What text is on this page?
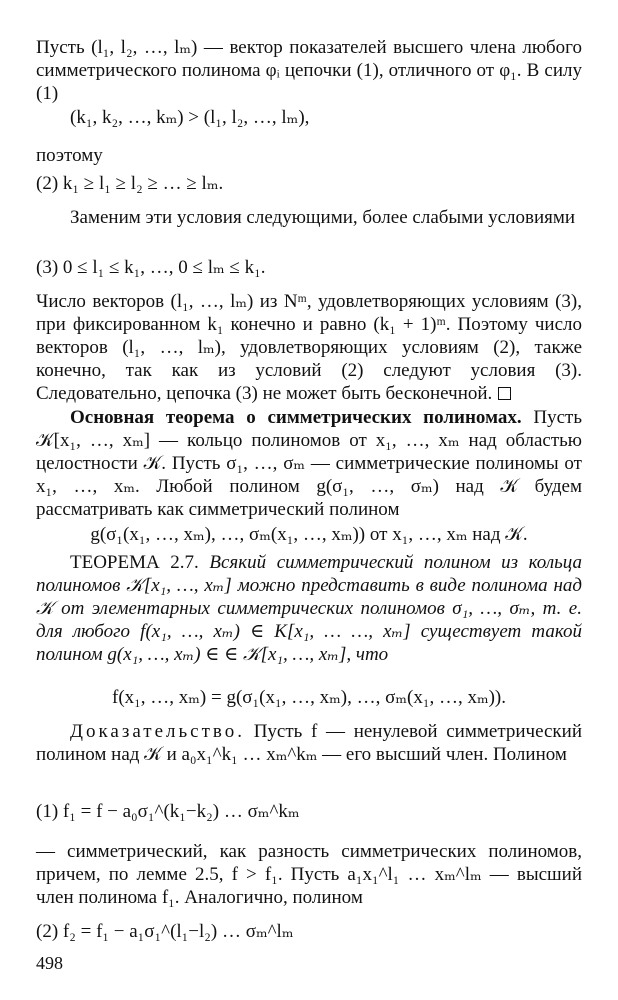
Пусть (l₁, l₂, …, lₘ) — вектор показателей высшего члена любого симметрического полинома φᵢ цепочки (1), отличного от φ₁. В силу (1)

(k₁, k₂, …, kₘ) > (l₁, l₂, …, lₘ),

поэтому

(2) k₁ ≥ l₁ ≥ l₂ ≥ … ≥ lₘ.

Заменим эти условия следующими, более слабыми условиями

(3) 0 ≤ l₁ ≤ k₁, …, 0 ≤ lₘ ≤ k₁.

Число векторов (l₁, …, lₘ) из Nᵐ, удовлетворяющих условиям (3), при фиксированном k₁ конечно и равно (k₁ + 1)ᵐ. Поэтому число векторов (l₁, …, lₘ), удовлетворяющих условиям (2), также конечно, так как из условий (2) следуют условия (3). Следовательно, цепочка (3) не может быть бесконечной.

Основная теорема о симметрических полиномах. Пусть 𝒦[x₁, …, xₘ] — кольцо полиномов от x₁, …, xₘ над областью целостности 𝒦. Пусть σ₁, …, σₘ — симметрические полиномы от x₁, …, xₘ. Любой полином g(σ₁, …, σₘ) над 𝒦 будем рассматривать как симметрический полином

g(σ₁(x₁, …, xₘ), …, σₘ(x₁, …, xₘ)) от x₁, …, xₘ над 𝒦.

ТЕОРЕМА 2.7. Всякий симметрический полином из кольца полиномов 𝒦[x₁, …, xₘ] можно представить в виде полинома над 𝒦 от элементарных симметрических полиномов σ₁, …, σₘ, т. е. для любого f(x₁, …, xₘ) ∈ K[x₁, … …, xₘ] существует такой полином g(x₁, …, xₘ) ∈ ∈ 𝒦[x₁, …, xₘ], что

f(x₁, …, xₘ) = g(σ₁(x₁, …, xₘ), …, σₘ(x₁, …, xₘ)).

Доказательство. Пусть f — ненулевой симметрический полином над 𝒦 и a₀x₁^k₁ … xₘ^kₘ — его высший член. Полином

(1) f₁ = f − a₀σ₁^(k₁−k₂) … σₘ^kₘ

— симметрический, как разность симметрических полиномов, причем, по лемме 2.5, f > f₁. Пусть a₁x₁^l₁ … xₘ^lₘ — высший член полинома f₁. Аналогично, полином

(2) f₂ = f₁ − a₁σ₁^(l₁−l₂) … σₘ^lₘ

498
